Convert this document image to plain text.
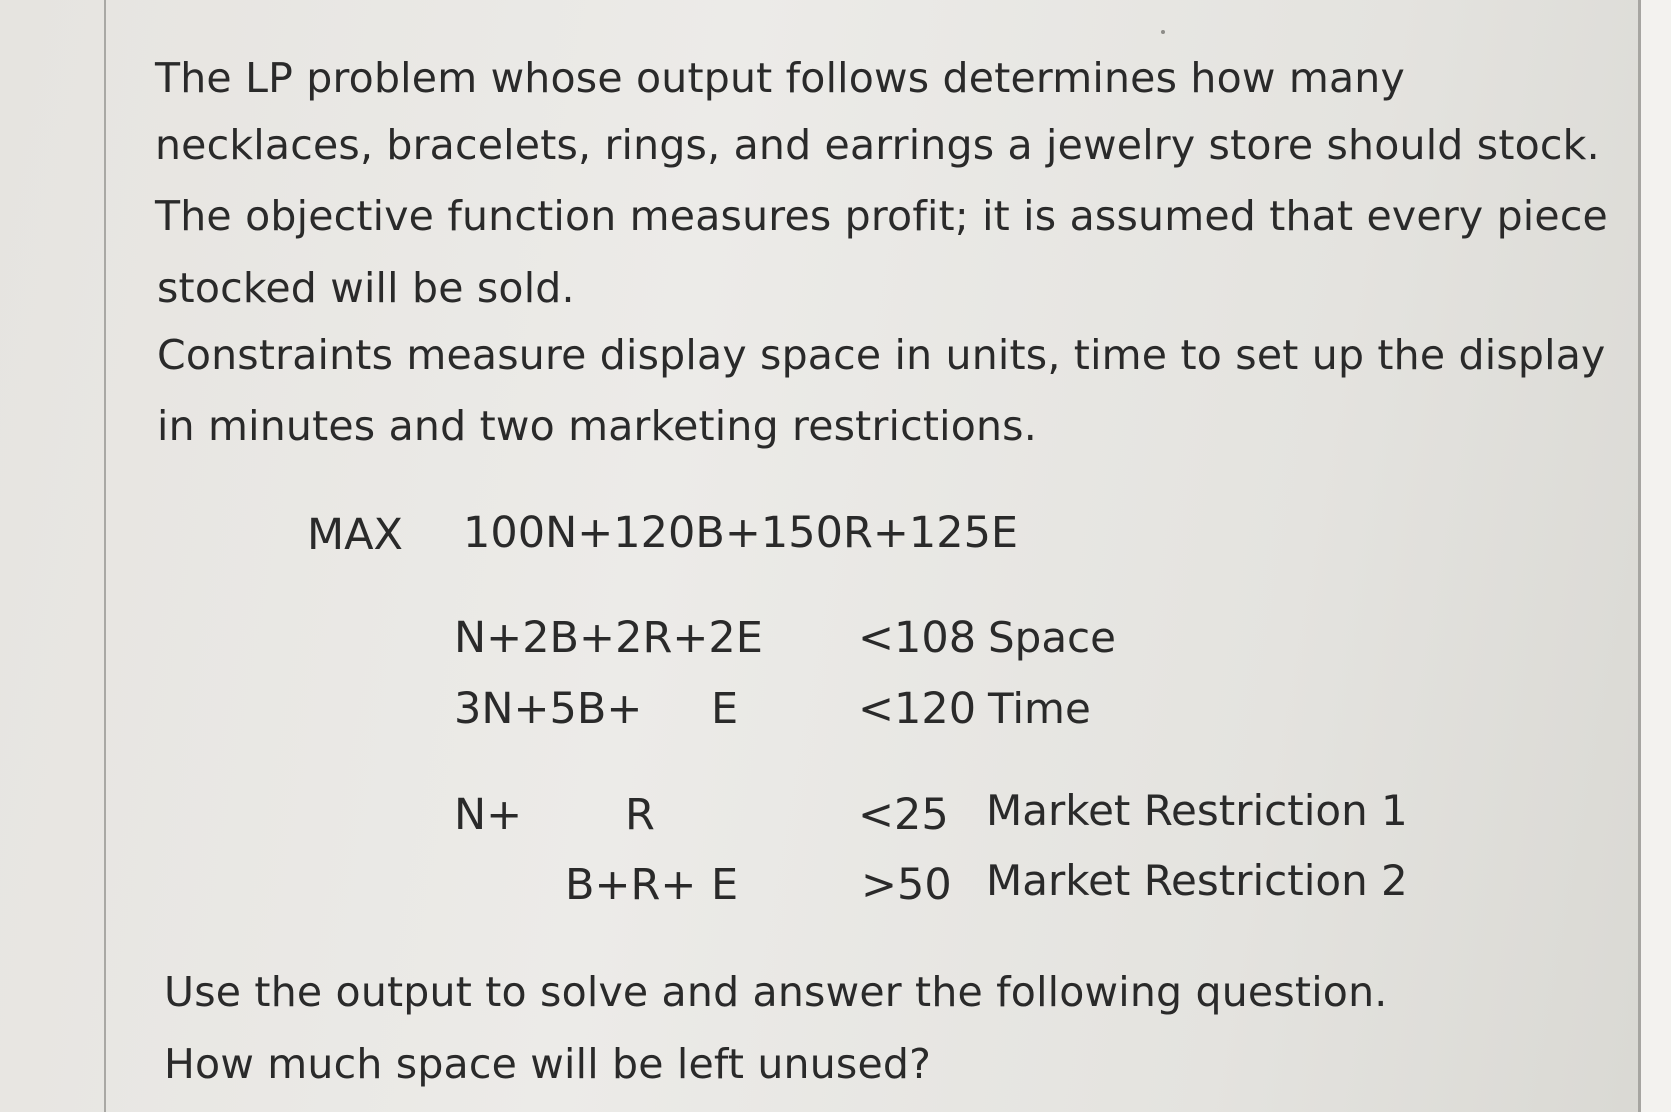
The LP problem whose output follows determines how many
necklaces, bracelets, rings, and earrings a jewelry store should stock.
The objective function measures profit; it is assumed that every piece
stocked will be sold.
Constraints measure display space in units, time to set up the display
in minutes and two marketing restrictions.
MAX 100N+120B+150R+125E
N+2B+2R+2E <108 Space
3N+5B+ E	<120 Time
N+ R	<25 Market Restriction 1
B+R+ E	>50 Market Restriction 2
Use the output to solve and answer the following question.
How much space will be left unused?
